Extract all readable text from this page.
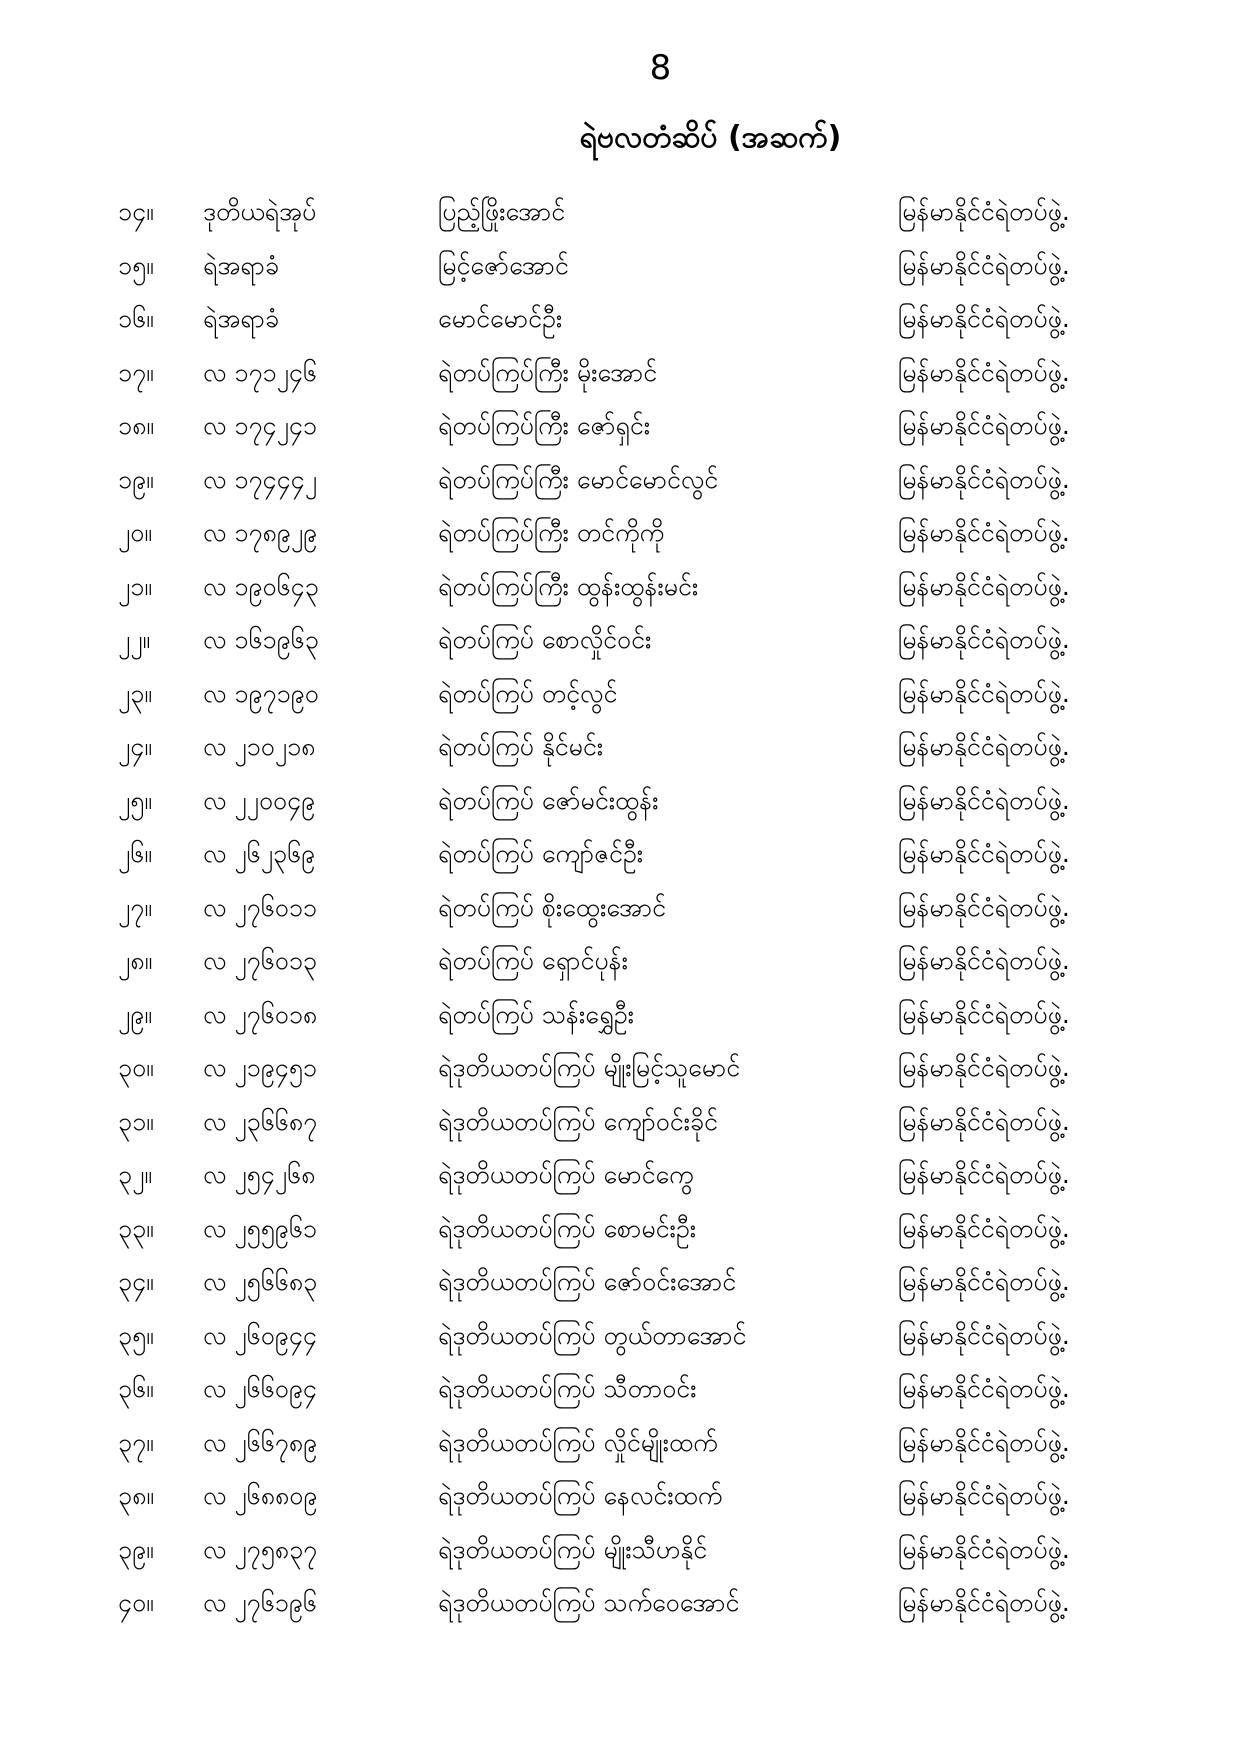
8
ရဲဗလတံဆိပ် (အဆက်)
၁၄။	ဒုတိယရဲအုပ်	ပြည့်ဖြိုးအောင်	မြန်မာနိုင်ငံရဲတပ်ဖွဲ့.
၁၅။	ရဲအရာခံ	မြင့်ဇော်အောင်	မြန်မာနိုင်ငံရဲတပ်ဖွဲ့.
၁၆။	ရဲအရာခံ	မောင်မောင်ဦး	မြန်မာနိုင်ငံရဲတပ်ဖွဲ့.
၁၇။	လ ၁၇၁၂၄၆	ရဲတပ်ကြပ်ကြီး မိုးအောင်	မြန်မာနိုင်ငံရဲတပ်ဖွဲ့.
၁၈။	လ ၁၇၄၂၄၁	ရဲတပ်ကြပ်ကြီး ဇော်ရှင်း	မြန်မာနိုင်ငံရဲတပ်ဖွဲ့.
၁၉။	လ ၁၇၄၄၄၂	ရဲတပ်ကြပ်ကြီး မောင်မောင်လွင်	မြန်မာနိုင်ငံရဲတပ်ဖွဲ့.
၂၀။	လ ၁၇၈၉၂၉	ရဲတပ်ကြပ်ကြီး တင်ကိုကို	မြန်မာနိုင်ငံရဲတပ်ဖွဲ့.
၂၁။	လ ၁၉၀၆၄၃	ရဲတပ်ကြပ်ကြီး ထွန်းထွန်းမင်း	မြန်မာနိုင်ငံရဲတပ်ဖွဲ့.
၂၂။	လ ၁၆၁၉၆၃	ရဲတပ်ကြပ် စောလှိုင်ဝင်း	မြန်မာနိုင်ငံရဲတပ်ဖွဲ့.
၂၃။	လ ၁၉၇၁၉၀	ရဲတပ်ကြပ် တင့်လွင်	မြန်မာနိုင်ငံရဲတပ်ဖွဲ့.
၂၄။	လ ၂၁၀၂၁၈	ရဲတပ်ကြပ် နိုင်မင်း	မြန်မာနိုင်ငံရဲတပ်ဖွဲ့.
၂၅။	လ ၂၂၀၀၄၉	ရဲတပ်ကြပ် ဇော်မင်းထွန်း	မြန်မာနိုင်ငံရဲတပ်ဖွဲ့.
၂၆။	လ ၂၆၂၃၆၉	ရဲတပ်ကြပ် ကျော်ဇင်ဦး	မြန်မာနိုင်ငံရဲတပ်ဖွဲ့.
၂၇။	လ ၂၇၆၀၁၁	ရဲတပ်ကြပ် စိုးထွေးအောင်	မြန်မာနိုင်ငံရဲတပ်ဖွဲ့.
၂၈။	လ ၂၇၆၀၁၃	ရဲတပ်ကြပ် ရှောင်ပုန်း	မြန်မာနိုင်ငံရဲတပ်ဖွဲ့.
၂၉။	လ ၂၇၆၀၁၈	ရဲတပ်ကြပ် သန်းရွှေဦး	မြန်မာနိုင်ငံရဲတပ်ဖွဲ့.
၃၀။	လ ၂၁၉၄၅၁	ရဲဒုတိယတပ်ကြပ် မျိုးမြင့်သူမောင်	မြန်မာနိုင်ငံရဲတပ်ဖွဲ့.
၃၁။	လ ၂၃၆၆၈၇	ရဲဒုတိယတပ်ကြပ် ကျော်ဝင်းခိုင်	မြန်မာနိုင်ငံရဲတပ်ဖွဲ့.
၃၂။	လ ၂၅၄၂၆၈	ရဲဒုတိယတပ်ကြပ် မောင်ကွေ	မြန်မာနိုင်ငံရဲတပ်ဖွဲ့.
၃၃။	လ ၂၅၅၉၆၁	ရဲဒုတိယတပ်ကြပ် စောမင်းဦး	မြန်မာနိုင်ငံရဲတပ်ဖွဲ့.
၃၄။	လ ၂၅၆၆၈၃	ရဲဒုတိယတပ်ကြပ် ဇော်ဝင်းအောင်	မြန်မာနိုင်ငံရဲတပ်ဖွဲ့.
၃၅။	လ ၂၆၀၉၄၄	ရဲဒုတိယတပ်ကြပ် တွယ်တာအောင်	မြန်မာနိုင်ငံရဲတပ်ဖွဲ့.
၃၆။	လ ၂၆၆၀၉၄	ရဲဒုတိယတပ်ကြပ် သီတာဝင်း	မြန်မာနိုင်ငံရဲတပ်ဖွဲ့.
၃၇။	လ ၂၆၆၇၈၉	ရဲဒုတိယတပ်ကြပ် လှိုင်မျိုးထက်	မြန်မာနိုင်ငံရဲတပ်ဖွဲ့.
၃၈။	လ ၂၆၈၈၀၉	ရဲဒုတိယတပ်ကြပ် နေလင်းထက်	မြန်မာနိုင်ငံရဲတပ်ဖွဲ့.
၃၉။	လ ၂၇၅၈၃၇	ရဲဒုတိယတပ်ကြပ် မျိုးသီဟနိုင်	မြန်မာနိုင်ငံရဲတပ်ဖွဲ့.
၄၀။	လ ၂၇၆၁၉၆	ရဲဒုတိယတပ်ကြပ် သက်ဝေအောင်	မြန်မာနိုင်ငံရဲတပ်ဖွဲ့.
